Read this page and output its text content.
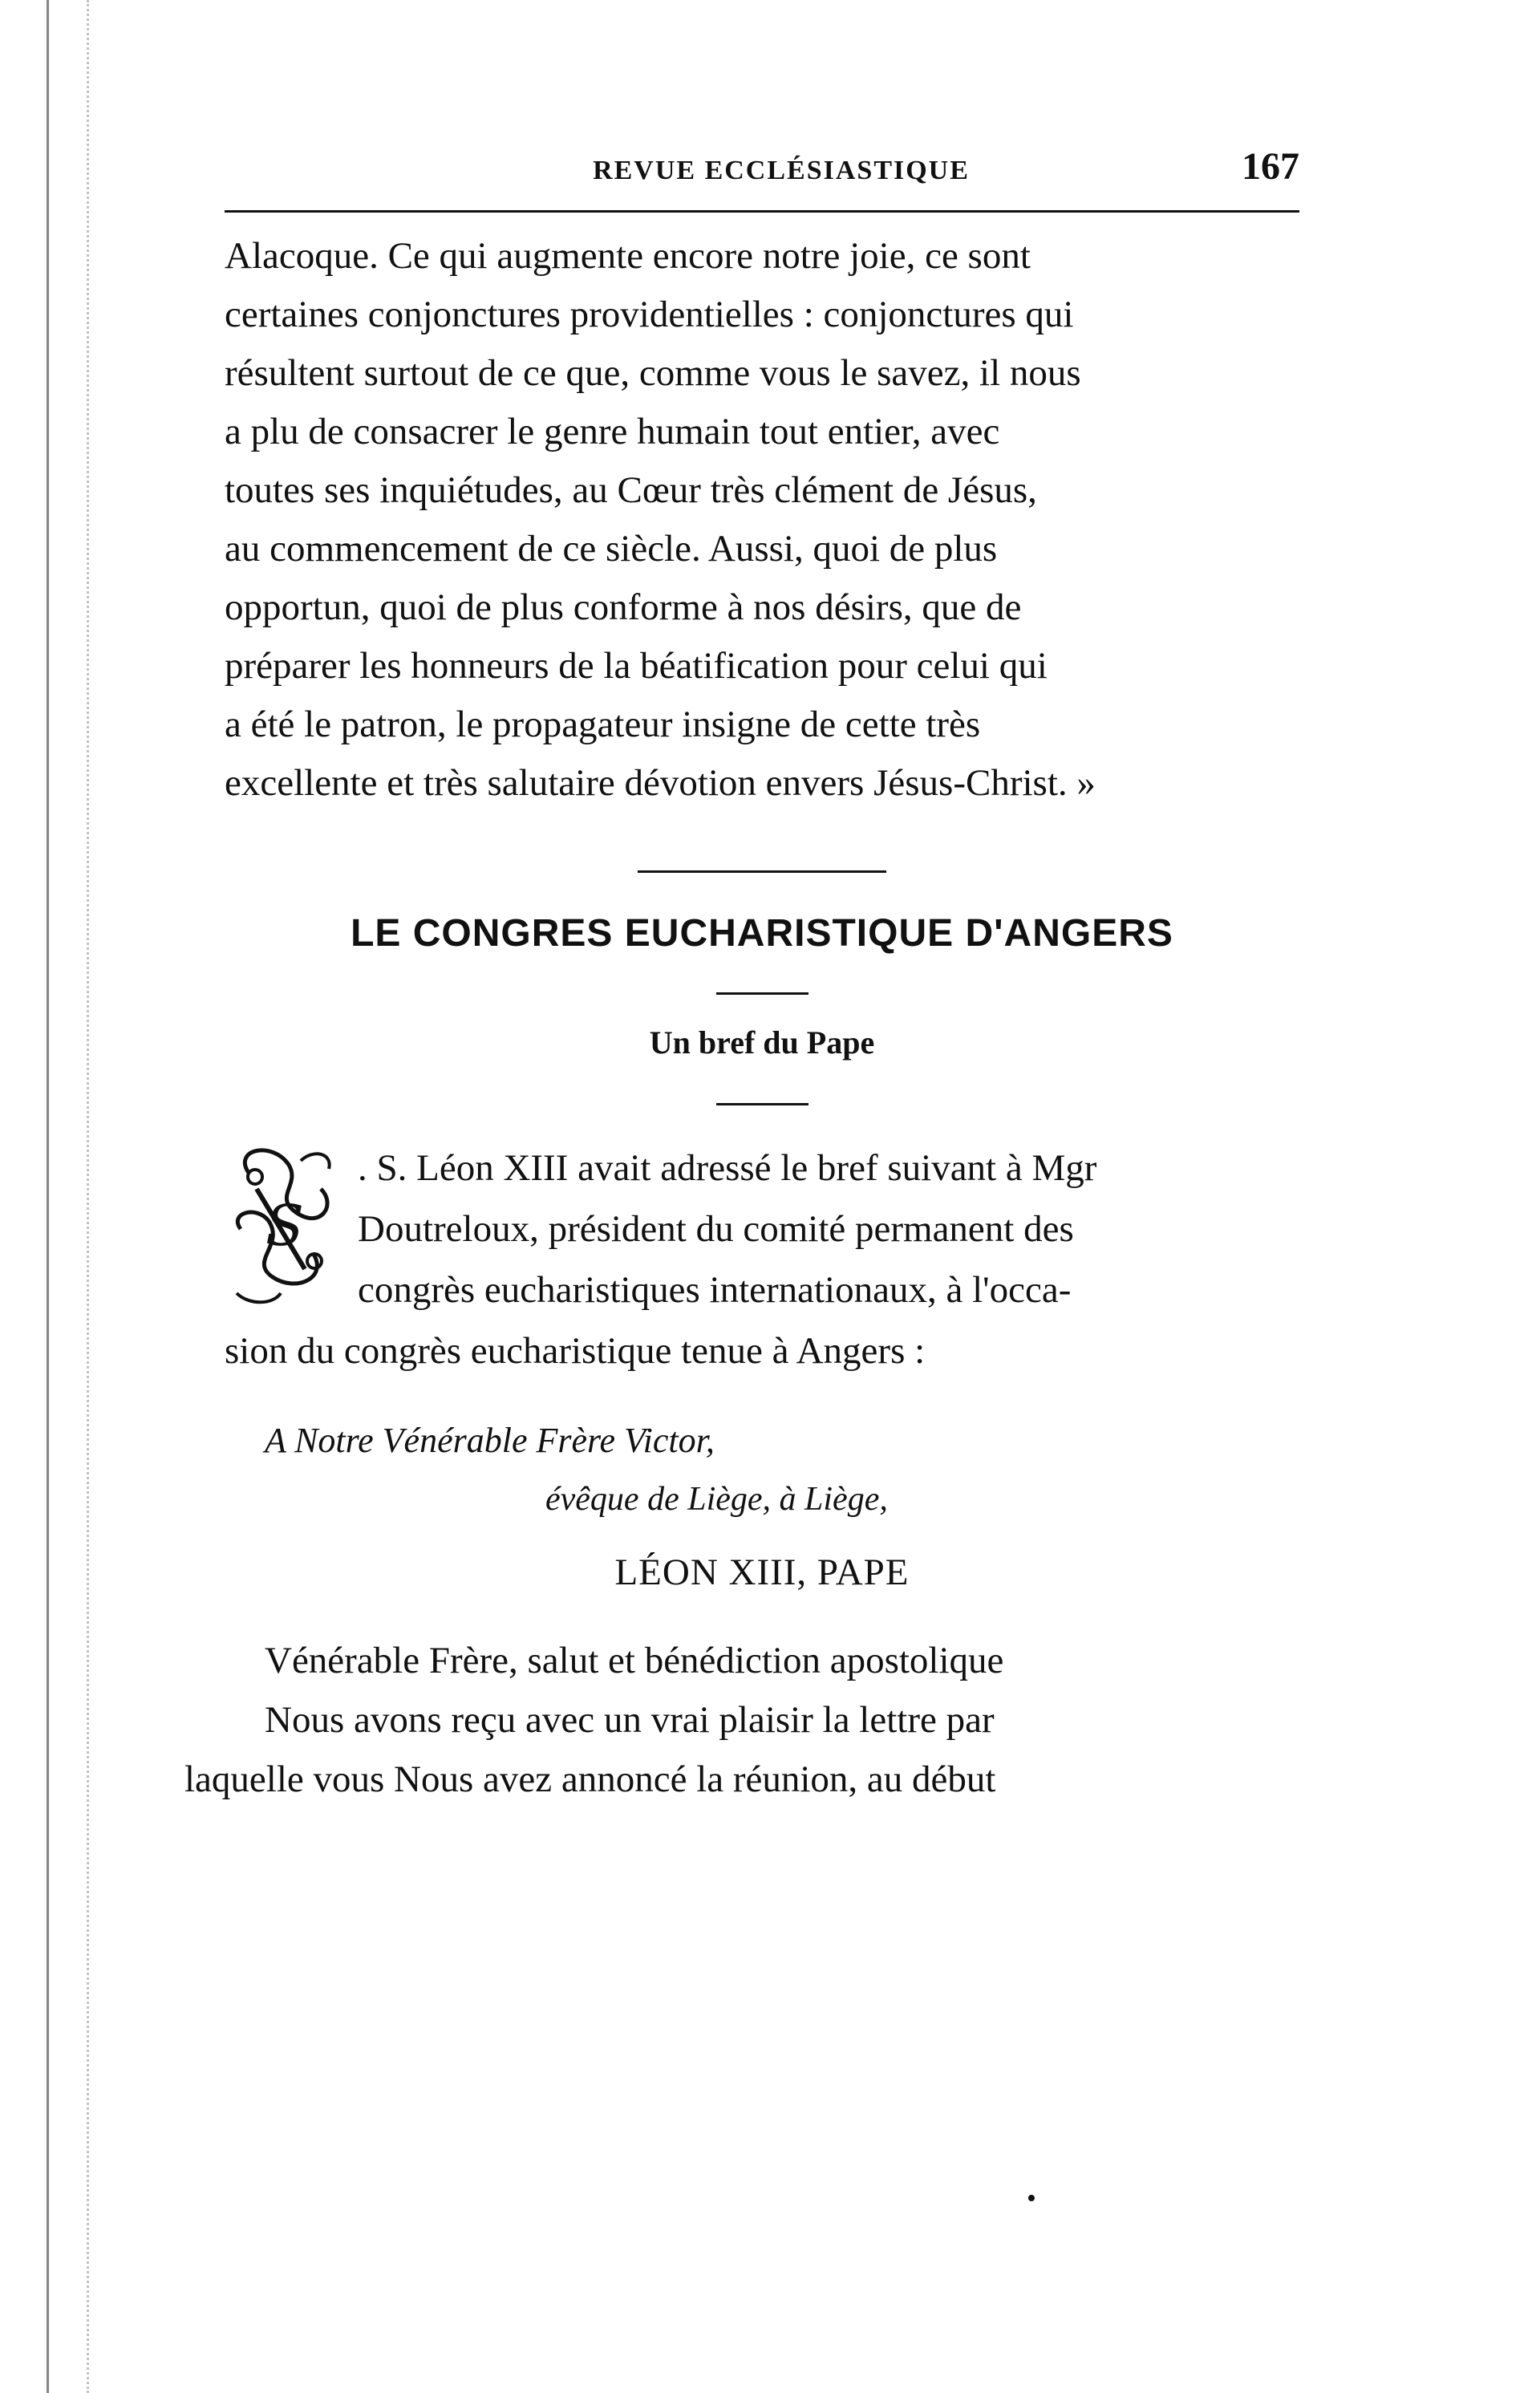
REVUE ECCLÉSIASTIQUE	167
Alacoque. Ce qui augmente encore notre joie, ce sont
certaines conjonctures providentielles : conjonctures qui
résultent surtout de ce que, comme vous le savez, il nous
a plu de consacrer le genre humain tout entier, avec
toutes ses inquiétudes, au Cœur très clément de Jésus,
au commencement de ce siècle. Aussi, quoi de plus
opportun, quoi de plus conforme à nos désirs, que de
préparer les honneurs de la béatification pour celui qui
a été le patron, le propagateur insigne de cette très
excellente et très salutaire dévotion envers Jésus-Christ. »
LE CONGRES EUCHARISTIQUE D'ANGERS
Un bref du Pape
S
. S. Léon XIII avait adressé le bref suivant à Mgr
Doutreloux, président du comité permanent des
congrès eucharistiques internationaux, à l'occa-
sion du congrès eucharistique tenue à Angers :
A Notre Vénérable Frère Victor,
évêque de Liège, à Liège,
LÉON XIII, PAPE
Vénérable Frère, salut et bénédiction apostolique
Nous avons reçu avec un vrai plaisir la lettre par
laquelle vous Nous avez annoncé la réunion, au début
•
